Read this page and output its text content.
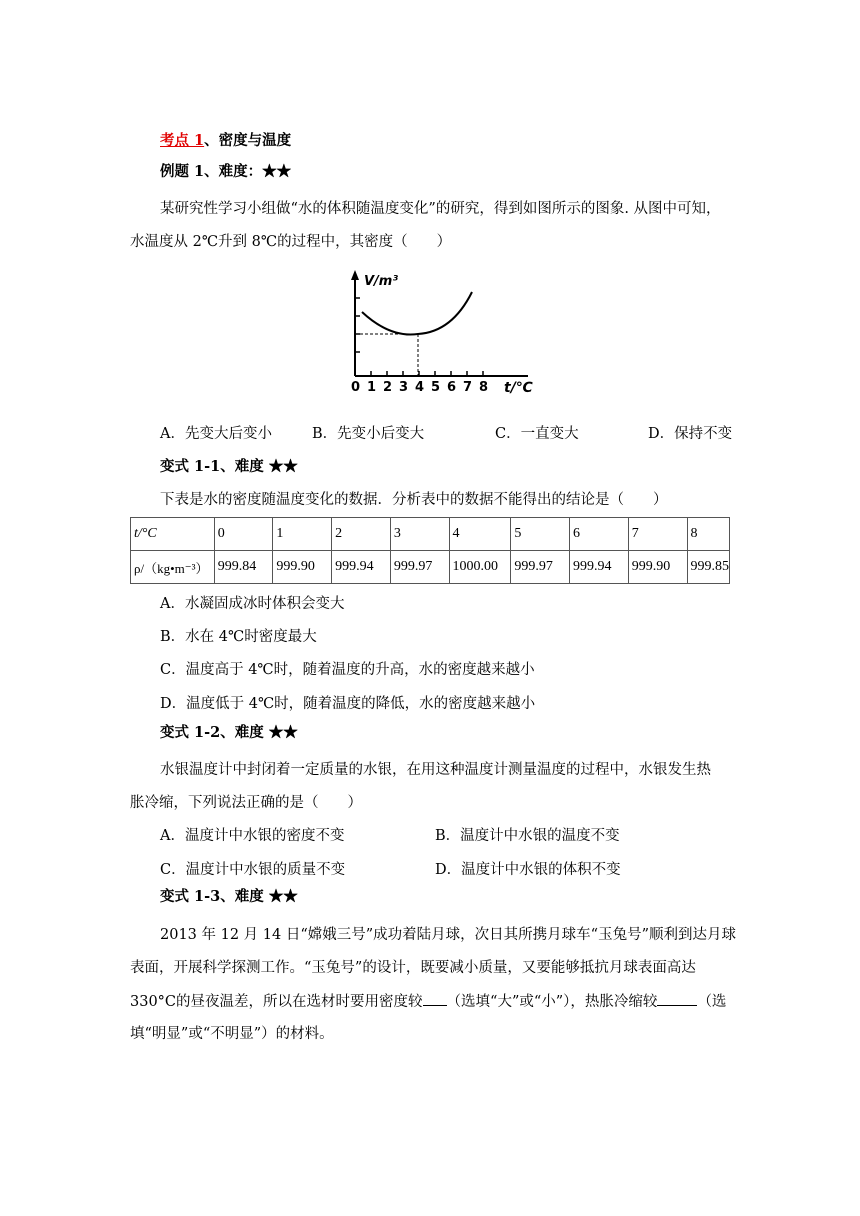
考点 1、密度与温度
例题 1、难度：★★
某研究性学习小组做“水的体积随温度变化”的研究，得到如图所示的图象. 从图中可知，
水温度从 2℃升到 8℃的过程中，其密度（　　）
V/m³
t/℃
0 1 2 3 4 5 6 7 8
A．先变大后变小	B．先变小后变大	C．一直变大	D．保持不变
变式 1-1、难度 ★★
下表是水的密度随温度变化的数据．分析表中的数据不能得出的结论是（　　）
t/°C	0	1	2	3	4	5	6	7	8
ρ/（kg•m⁻³）	999.84	999.90	999.94	999.97	1000.00	999.97	999.94	999.90	999.85
A．水凝固成冰时体积会变大
B．水在 4℃时密度最大
C．温度高于 4℃时，随着温度的升高，水的密度越来越小
D．温度低于 4℃时，随着温度的降低，水的密度越来越小
变式 1-2、难度 ★★
水银温度计中封闭着一定质量的水银，在用这种温度计测量温度的过程中，水银发生热
胀冷缩，下列说法正确的是（　　）
A．温度计中水银的密度不变	B．温度计中水银的温度不变
C．温度计中水银的质量不变	D．温度计中水银的体积不变
变式 1-3、难度 ★★
2013 年 12 月 14 日“嫦娥三号”成功着陆月球，次日其所携月球车“玉兔号”顺利到达月球
表面，开展科学探测工作。“玉兔号”的设计，既要减小质量，又要能够抵抗月球表面高达
330°C的昼夜温差，所以在选材时要用密度较 （选填“大”或“小”），热胀冷缩较	（选
填“明显”或“不明显”）的材料。
